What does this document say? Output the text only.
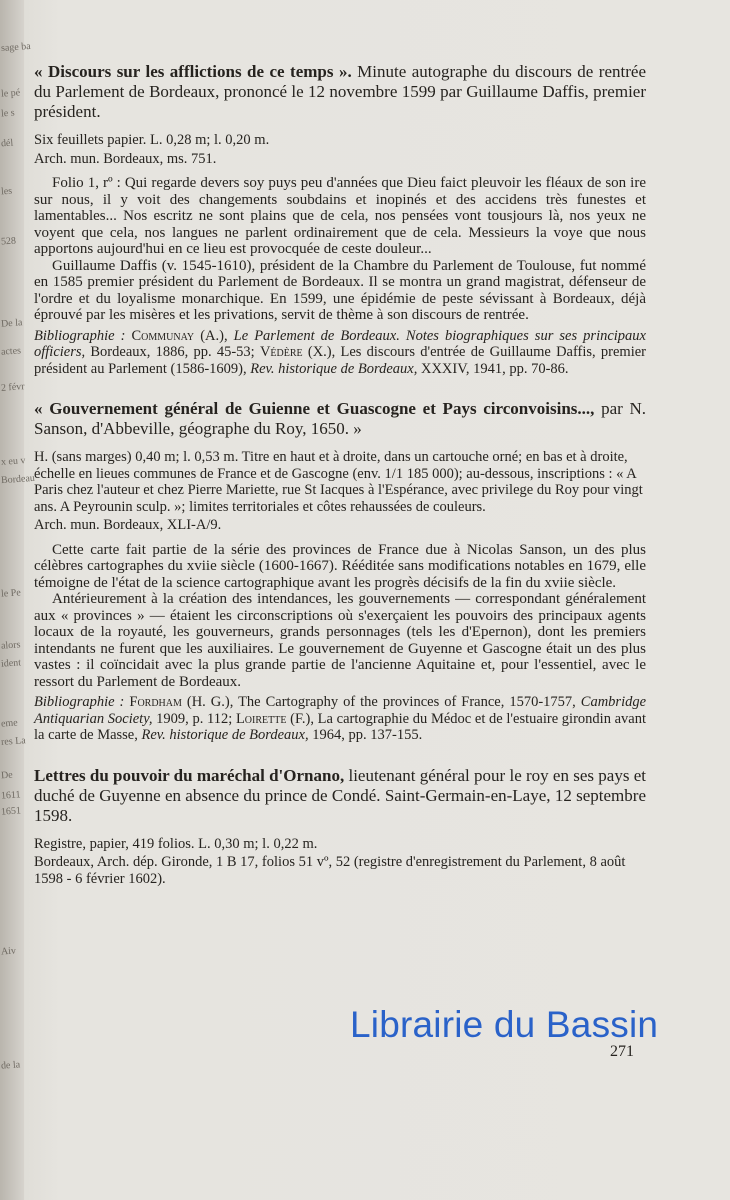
sage ba
le pé
le s
dél
les
528
De la
actes
2 févr
x eu v
Bordeau
le Pe
alors
ident
eme
res La
De
1611
1651
Aiv
de la

« Discours sur les afflictions de ce temps ». Minute autographe du discours de rentrée du Parlement de Bordeaux, prononcé le 12 novembre 1599 par Guillaume Daffis, premier président.

Six feuillets papier. L. 0,28 m; l. 0,20 m.

Arch. mun. Bordeaux, ms. 751.

Folio 1, rº : Qui regarde devers soy puys peu d'années que Dieu faict pleuvoir les fléaux de son ire sur nous, il y voit des changements soubdains et inopinés et des accidens très funestes et lamentables... Nos escritz ne sont plains que de cela, nos pensées vont tousjours là, nos yeux ne voyent que cela, nos langues ne parlent ordinairement que de cela. Messieurs la voye que nous apportons aujourd'hui en ce lieu est provocquée de ceste douleur...

Guillaume Daffis (v. 1545-1610), président de la Chambre du Parlement de Toulouse, fut nommé en 1585 premier président du Parlement de Bordeaux. Il se montra un grand magistrat, défenseur de l'ordre et du loyalisme monarchique. En 1599, une épidémie de peste sévissant à Bordeaux, déjà éprouvé par les misères et les privations, servit de thème à son discours de rentrée.

Bibliographie : Communay (A.), Le Parlement de Bordeaux. Notes biographiques sur ses principaux officiers, Bordeaux, 1886, pp. 45-53; Védère (X.), Les discours d'entrée de Guillaume Daffis, premier président au Parlement (1586-1609), Rev. historique de Bordeaux, XXXIV, 1941, pp. 70-86.

« Gouvernement général de Guienne et Guascogne et Pays circonvoisins..., par N. Sanson, d'Abbeville, géographe du Roy, 1650. »

H. (sans marges) 0,40 m; l. 0,53 m. Titre en haut et à droite, dans un cartouche orné; en bas et à droite, échelle en lieues communes de France et de Gascogne (env. 1/1 185 000); au-dessous, inscriptions : « A Paris chez l'auteur et chez Pierre Mariette, rue St Iacques à l'Espérance, avec privilege du Roy pour vingt ans. A Peyrounin sculp. »; limites territoriales et côtes rehaussées de couleurs.

Arch. mun. Bordeaux, XLI-A/9.

Cette carte fait partie de la série des provinces de France due à Nicolas Sanson, un des plus célèbres cartographes du xviie siècle (1600-1667). Rééditée sans modifications notables en 1679, elle témoigne de l'état de la science cartographique avant les progrès décisifs de la fin du xviie siècle.

Antérieurement à la création des intendances, les gouvernements — correspondant généralement aux « provinces » — étaient les circonscriptions où s'exerçaient les pouvoirs des principaux agents locaux de la royauté, les gouverneurs, grands personnages (tels les d'Epernon), dont les premiers intendants ne furent que les auxiliaires. Le gouvernement de Guyenne et Gascogne était un des plus vastes : il coïncidait avec la plus grande partie de l'ancienne Aquitaine et, pour l'essentiel, avec le ressort du Parlement de Bordeaux.

Bibliographie : Fordham (H. G.), The Cartography of the provinces of France, 1570-1757, Cambridge Antiquarian Society, 1909, p. 112; Loirette (F.), La cartographie du Médoc et de l'estuaire girondin avant la carte de Masse, Rev. historique de Bordeaux, 1964, pp. 137-155.

Lettres du pouvoir du maréchal d'Ornano, lieutenant général pour le roy en ses pays et duché de Guyenne en absence du prince de Condé. Saint-Germain-en-Laye, 12 septembre 1598.

Registre, papier, 419 folios. L. 0,30 m; l. 0,22 m.

Bordeaux, Arch. dép. Gironde, 1 B 17, folios 51 vº, 52 (registre d'enregistrement du Parlement, 8 août 1598 - 6 février 1602).

Librairie du Bassin
271
